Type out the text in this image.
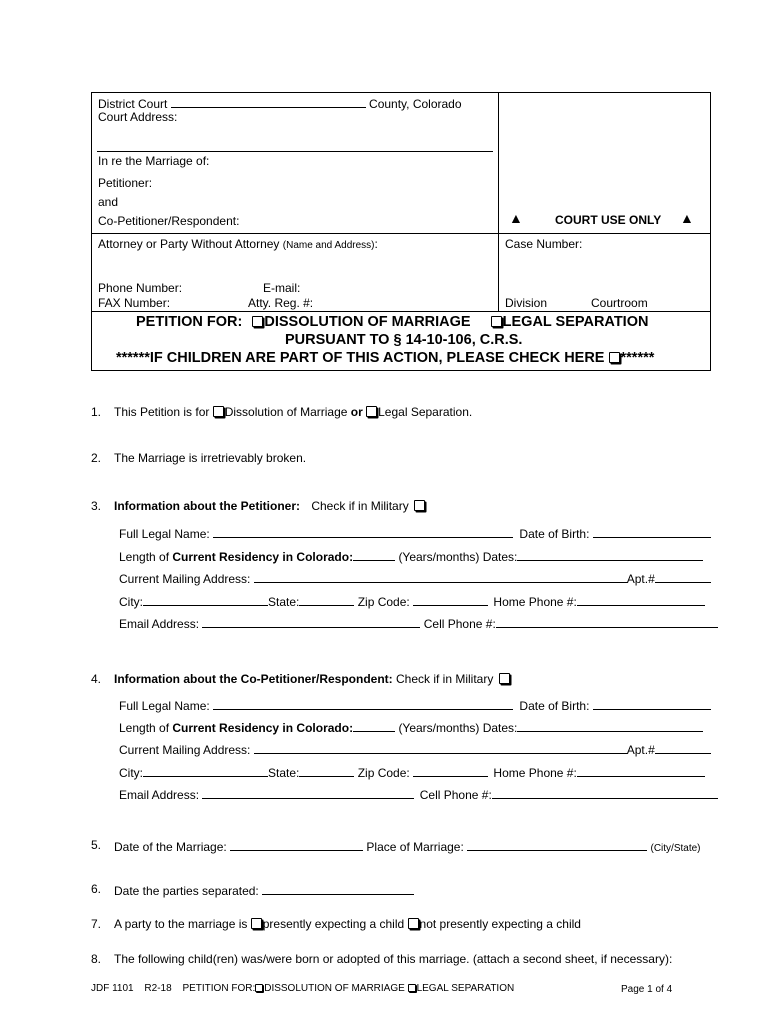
District Court	County, Colorado
Court Address:
In re the Marriage of:
Petitioner:
and
Co-Petitioner/Respondent:	▲	COURT USE ONLY ▲
Attorney or Party Without Attorney (Name and Address):	Case Number:
Phone Number:	E-mail:
FAX Number:	Atty. Reg. #:	Division	Courtroom
PETITION FOR: DISSOLUTION OF MARRIAGE LEGAL SEPARATION
PURSUANT TO § 14-10-106, C.R.S.
******IF CHILDREN ARE PART OF THIS ACTION, PLEASE CHECK HERE ******
1. This Petition is for Dissolution of Marriage or Legal Separation.
2. The Marriage is irretrievably broken.
3. Information about the Petitioner: Check if in Military
Full Legal Name:	Date of Birth:
Length of Current Residency in Colorado:	(Years/months) Dates:
Current Mailing Address:	Apt.#
City:	State:	Zip Code:	Home Phone #:
Email Address:	Cell Phone #:
4. Information about the Co-Petitioner/Respondent: Check if in Military
Full Legal Name:	Date of Birth:
Length of Current Residency in Colorado:	(Years/months) Dates:
Current Mailing Address:	Apt.#
City:	State:	Zip Code:	Home Phone #:
Email Address:	Cell Phone #:
5. Date of the Marriage:	Place of Marriage:	(City/State)
6. Date the parties separated:
7. A party to the marriage is presently expecting a child not presently expecting a child
8. The following child(ren) was/were born or adopted of this marriage. (attach a second sheet, if necessary):
JDF 1101 R2-18 PETITION FOR: DISSOLUTION OF MARRIAGE LEGAL SEPARATION	Page 1 of 4
